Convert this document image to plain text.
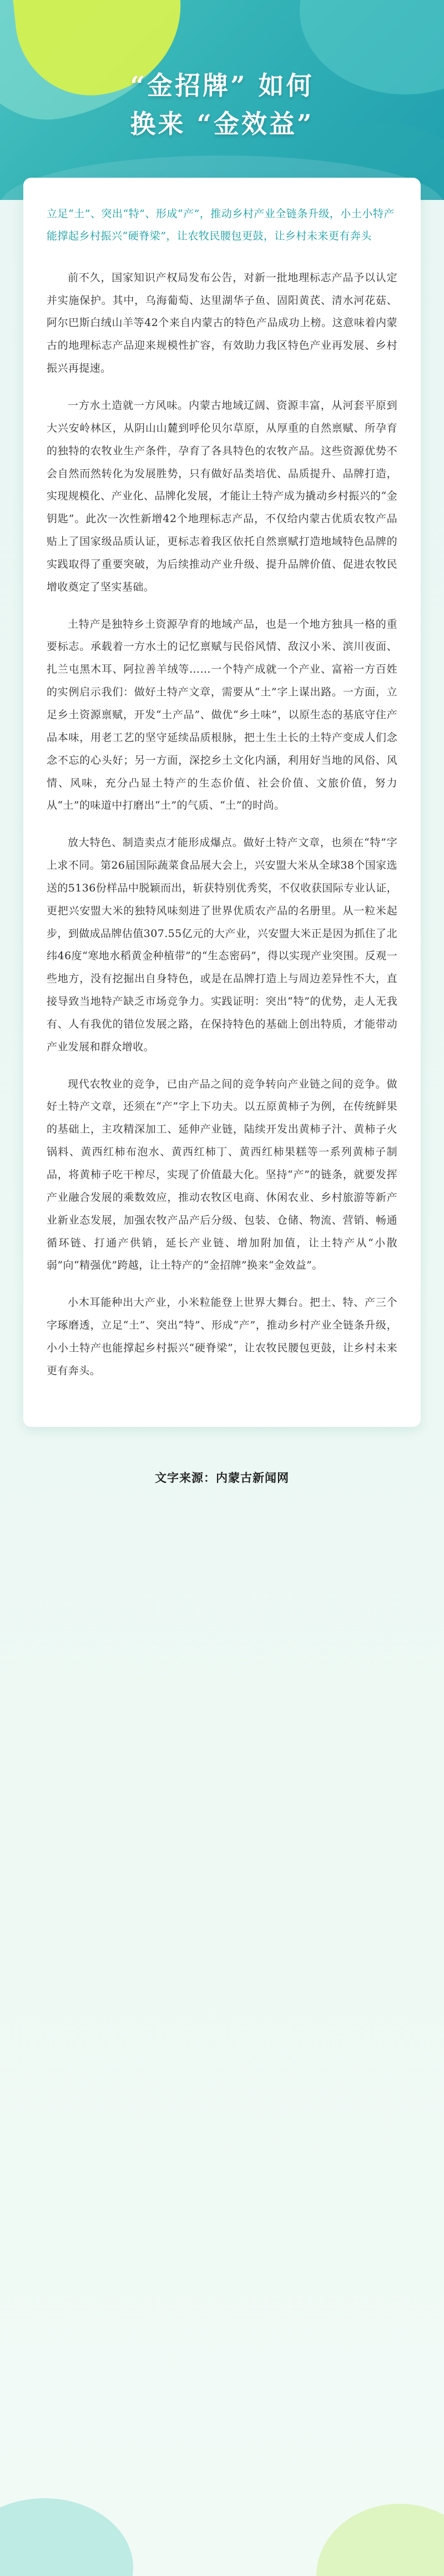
“金招牌” 如何
换来 “金效益”
立足“土”、突出“特”、形成“产”，推动乡村产业全链条升级，小土小特产能撑起乡村振兴“硬脊梁”，让农牧民腰包更鼓，让乡村未来更有奔头
前不久，国家知识产权局发布公告，对新一批地理标志产品予以认定并实施保护。其中，乌海葡萄、达里湖华子鱼、固阳黄芪、清水河花菇、阿尔巴斯白绒山羊等42个来自内蒙古的特色产品成功上榜。这意味着内蒙古的地理标志产品迎来规模性扩容，有效助力我区特色产业再发展、乡村振兴再提速。
一方水土造就一方风味。内蒙古地域辽阔、资源丰富，从河套平原到大兴安岭林区，从阴山山麓到呼伦贝尔草原，从厚重的自然禀赋、所孕育的独特的农牧业生产条件，孕育了各具特色的农牧产品。这些资源优势不会自然而然转化为发展胜势，只有做好品类培优、品质提升、品牌打造，实现规模化、产业化、品牌化发展，才能让土特产成为撬动乡村振兴的“金钥匙”。此次一次性新增42个地理标志产品，不仅给内蒙古优质农牧产品贴上了国家级品质认证，更标志着我区依托自然禀赋打造地域特色品牌的实践取得了重要突破，为后续推动产业升级、提升品牌价值、促进农牧民增收奠定了坚实基础。
土特产是独特乡土资源孕育的地域产品，也是一个地方独具一格的重要标志。承载着一方水土的记忆禀赋与民俗风情、敌汉小米、滨川夜面、扎兰屯黑木耳、阿拉善羊绒等……一个特产成就一个产业、富裕一方百姓的实例启示我们：做好土特产文章，需要从“土”字上谋出路。一方面，立足乡土资源禀赋，开发“土产品”、做优“乡土味”，以原生态的基底守住产品本味，用老工艺的坚守延续品质根脉，把土生土长的土特产变成人们念念不忘的心头好；另一方面，深挖乡土文化内涵，利用好当地的风俗、风情、风味，充分凸显土特产的生态价值、社会价值、文旅价值，努力从“土”的味道中打磨出“土”的气质、“土”的时尚。
放大特色、制造卖点才能形成爆点。做好土特产文章，也须在“特”字上求不同。第26届国际蔬菜食品展大会上，兴安盟大米从全球38个国家选送的5136份样品中脱颖而出，斩获特别优秀奖，不仅收获国际专业认证，更把兴安盟大米的独特风味刻进了世界优质农产品的名册里。从一粒米起步，到做成品牌估值307.55亿元的大产业，兴安盟大米正是因为抓住了北纬46度“寒地水稻黄金种植带”的“生态密码”，得以实现产业突围。反观一些地方，没有挖掘出自身特色，或是在品牌打造上与周边差异性不大，直接导致当地特产缺乏市场竞争力。实践证明：突出“特”的优势，走人无我有、人有我优的错位发展之路，在保持特色的基础上创出特质，才能带动产业发展和群众增收。
现代农牧业的竞争，已由产品之间的竞争转向产业链之间的竞争。做好土特产文章，还须在“产”字上下功夫。以五原黄柿子为例，在传统鲜果的基础上，主攻精深加工、延伸产业链，陆续开发出黄柿子汁、黄柿子火锅料、黄西红柿布泡水、黄西红柿丁、黄西红柿果糕等一系列黄柿子制品，将黄柿子吃干榨尽，实现了价值最大化。坚持“产”的链条，就要发挥产业融合发展的乘数效应，推动农牧区电商、休闲农业、乡村旅游等新产业新业态发展，加强农牧产品产后分级、包装、仓储、物流、营销、畅通循环链、打通产供销，延长产业链、增加附加值，让土特产从“小散弱”向“精强优”跨越，让土特产的“金招牌”换来“金效益”。
小木耳能种出大产业，小米粒能登上世界大舞台。把土、特、产三个字琢磨透，立足“土”、突出“特”、形成“产”，推动乡村产业全链条升级，小小土特产也能撑起乡村振兴“硬脊梁”，让农牧民腰包更鼓，让乡村未来更有奔头。
文字来源：内蒙古新闻网
